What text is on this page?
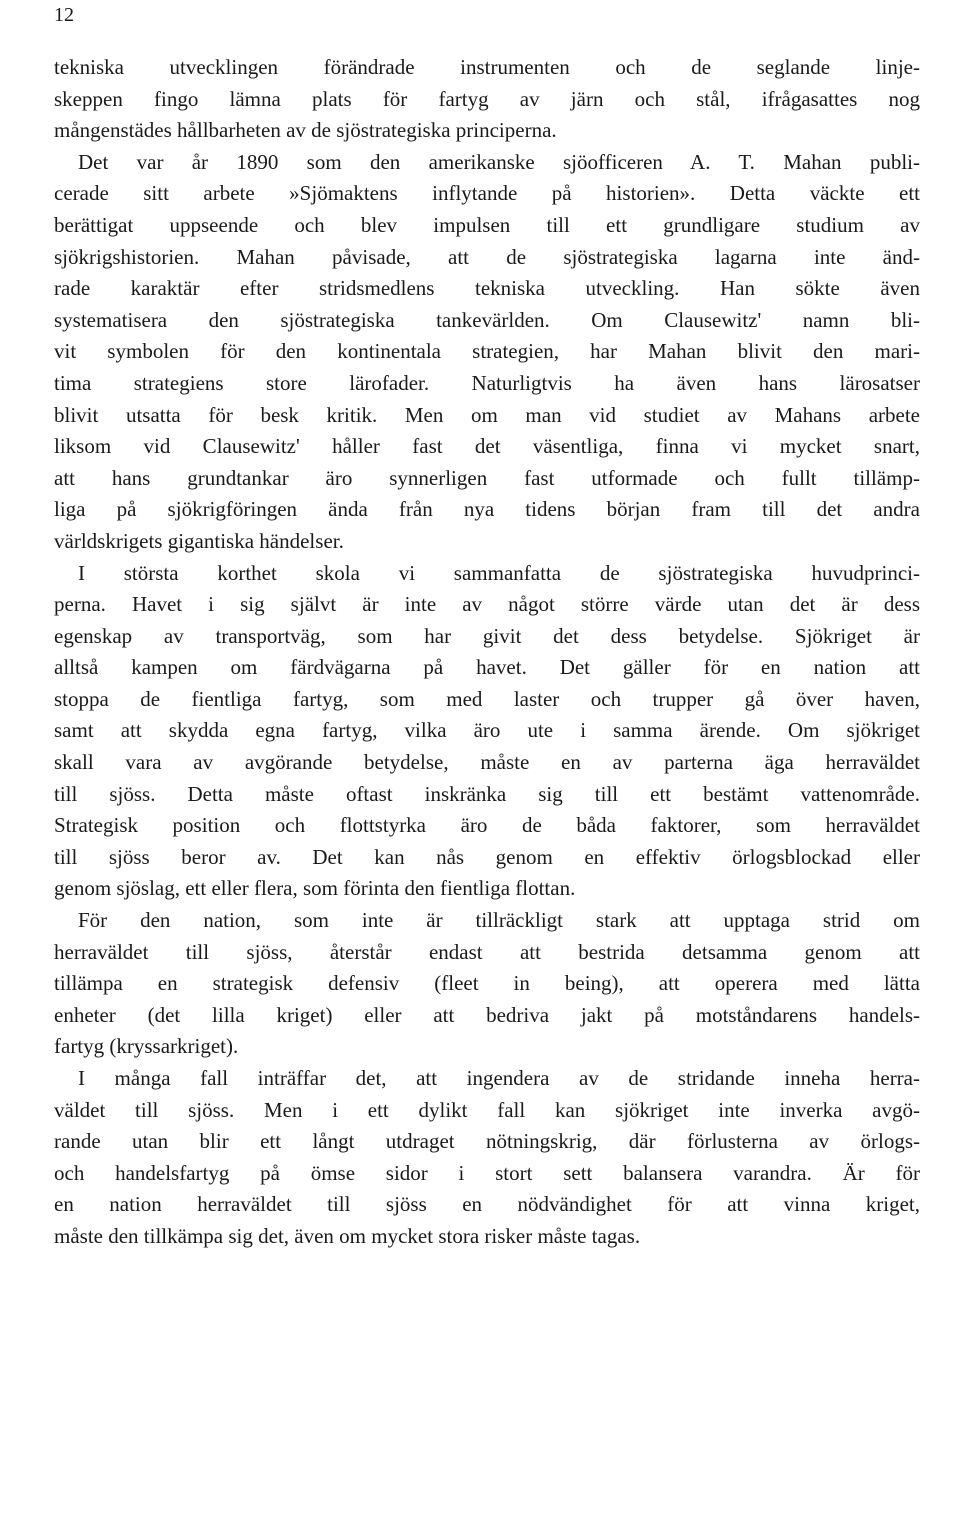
12
tekniska utvecklingen förändrade instrumenten och de seglande linje-
skeppen fingo lämna plats för fartyg av järn och stål, ifrågasattes nog
mångenstädes hållbarheten av de sjöstrategiska principerna.
Det var år 1890 som den amerikanske sjöofficeren A. T. Mahan publi-
cerade sitt arbete »Sjömaktens inflytande på historien». Detta väckte ett
berättigat uppseende och blev impulsen till ett grundligare studium av
sjökrigshistorien. Mahan påvisade, att de sjöstrategiska lagarna inte änd-
rade karaktär efter stridsmedlens tekniska utveckling. Han sökte även
systematisera den sjöstrategiska tankevärlden. Om Clausewitz' namn bli-
vit symbolen för den kontinentala strategien, har Mahan blivit den mari-
tima strategiens store lärofader. Naturligtvis ha även hans lärosatser
blivit utsatta för besk kritik. Men om man vid studiet av Mahans arbete
liksom vid Clausewitz' håller fast det väsentliga, finna vi mycket snart,
att hans grundtankar äro synnerligen fast utformade och fullt tillämp-
liga på sjökrigföringen ända från nya tidens början fram till det andra
världskrigets gigantiska händelser.
I största korthet skola vi sammanfatta de sjöstrategiska huvudprinci-
perna. Havet i sig självt är inte av något större värde utan det är dess
egenskap av transportväg, som har givit det dess betydelse. Sjökriget är
alltså kampen om färdvägarna på havet. Det gäller för en nation att
stoppa de fientliga fartyg, som med laster och trupper gå över haven,
samt att skydda egna fartyg, vilka äro ute i samma ärende. Om sjökriget
skall vara av avgörande betydelse, måste en av parterna äga herraväldet
till sjöss. Detta måste oftast inskränka sig till ett bestämt vattenområde.
Strategisk position och flottstyrka äro de båda faktorer, som herraväldet
till sjöss beror av. Det kan nås genom en effektiv örlogsblockad eller
genom sjöslag, ett eller flera, som förinta den fientliga flottan.
För den nation, som inte är tillräckligt stark att upptaga strid om
herraväldet till sjöss, återstår endast att bestrida detsamma genom att
tillämpa en strategisk defensiv (fleet in being), att operera med lätta
enheter (det lilla kriget) eller att bedriva jakt på motståndarens handels-
fartyg (kryssarkriget).
I många fall inträffar det, att ingendera av de stridande inneha herra-
väldet till sjöss. Men i ett dylikt fall kan sjökriget inte inverka avgö-
rande utan blir ett långt utdraget nötningskrig, där förlusterna av örlogs-
och handelsfartyg på ömse sidor i stort sett balansera varandra. Är för
en nation herraväldet till sjöss en nödvändighet för att vinna kriget,
måste den tillkämpa sig det, även om mycket stora risker måste tagas.
